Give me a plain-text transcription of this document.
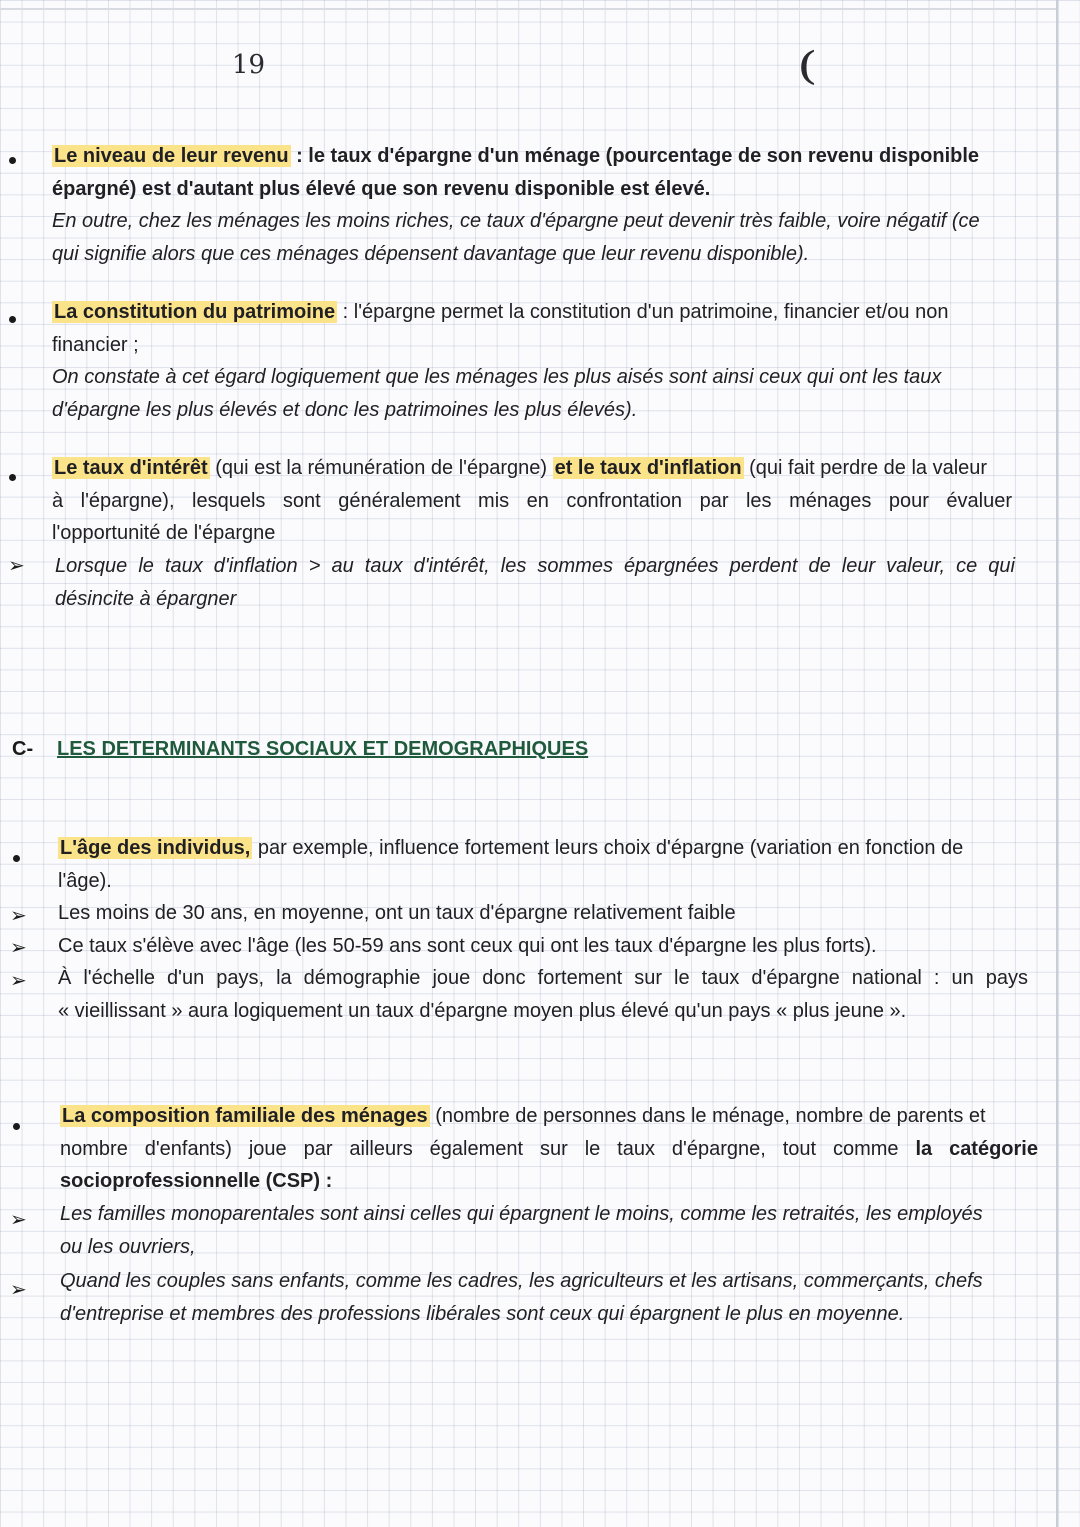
19	(
Le niveau de leur revenu : le taux d'épargne d'un ménage (pourcentage de son revenu disponible
épargné) est d'autant plus élevé que son revenu disponible est élevé.
En outre, chez les ménages les moins riches, ce taux d'épargne peut devenir très faible, voire négatif (ce
qui signifie alors que ces ménages dépensent davantage que leur revenu disponible).
La constitution du patrimoine : l'épargne permet la constitution d'un patrimoine, financier et/ou non
financier ;
On constate à cet égard logiquement que les ménages les plus aisés sont ainsi ceux qui ont les taux
d'épargne les plus élevés et donc les patrimoines les plus élevés).
Le taux d'intérêt (qui est la rémunération de l'épargne) et le taux d'inflation (qui fait perdre de la valeur
à l'épargne), lesquels sont généralement mis en confrontation par les ménages pour évaluer
l'opportunité de l'épargne
➢ Lorsque le taux d'inflation > au taux d'intérêt, les sommes épargnées perdent de leur valeur, ce qui
désincite à épargner
C- LES DETERMINANTS SOCIAUX ET DEMOGRAPHIQUES
L'âge des individus, par exemple, influence fortement leurs choix d'épargne (variation en fonction de
l'âge).
Les moins de 30 ans, en moyenne, ont un taux d'épargne relativement faible
Ce taux s'élève avec l'âge (les 50-59 ans sont ceux qui ont les taux d'épargne les plus forts).
À l'échelle d'un pays, la démographie joue donc fortement sur le taux d'épargne national : un pays
« vieillissant » aura logiquement un taux d'épargne moyen plus élevé qu'un pays « plus jeune ».
➢
➢
➢
La composition familiale des ménages (nombre de personnes dans le ménage, nombre de parents et
nombre d'enfants) joue par ailleurs également sur le taux d'épargne, tout comme la catégorie
socioprofessionnelle (CSP) :
➢ Les familles monoparentales sont ainsi celles qui épargnent le moins, comme les retraités, les employés
ou les ouvriers,
➢ Quand les couples sans enfants, comme les cadres, les agriculteurs et les artisans, commerçants, chefs
d'entreprise et membres des professions libérales sont ceux qui épargnent le plus en moyenne.
